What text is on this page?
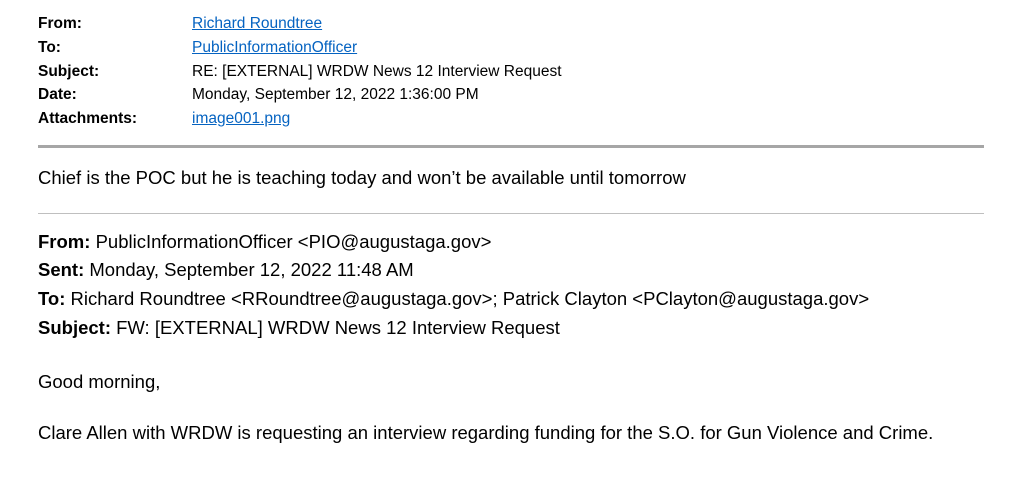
From:	Richard Roundtree
To:	PublicInformationOfficer
Subject:	RE: [EXTERNAL] WRDW News 12 Interview Request
Date:	Monday, September 12, 2022 1:36:00 PM
Attachments:	image001.png

Chief is the POC but he is teaching today and won’t be available until tomorrow

From: PublicInformationOfficer <PIO@augustaga.gov>

Sent: Monday, September 12, 2022 11:48 AM

To: Richard Roundtree <RRoundtree@augustaga.gov>; Patrick Clayton <PClayton@augustaga.gov>

Subject: FW: [EXTERNAL] WRDW News 12 Interview Request

Good morning,

Clare Allen with WRDW is requesting an interview regarding funding for the S.O. for Gun Violence and Crime.
